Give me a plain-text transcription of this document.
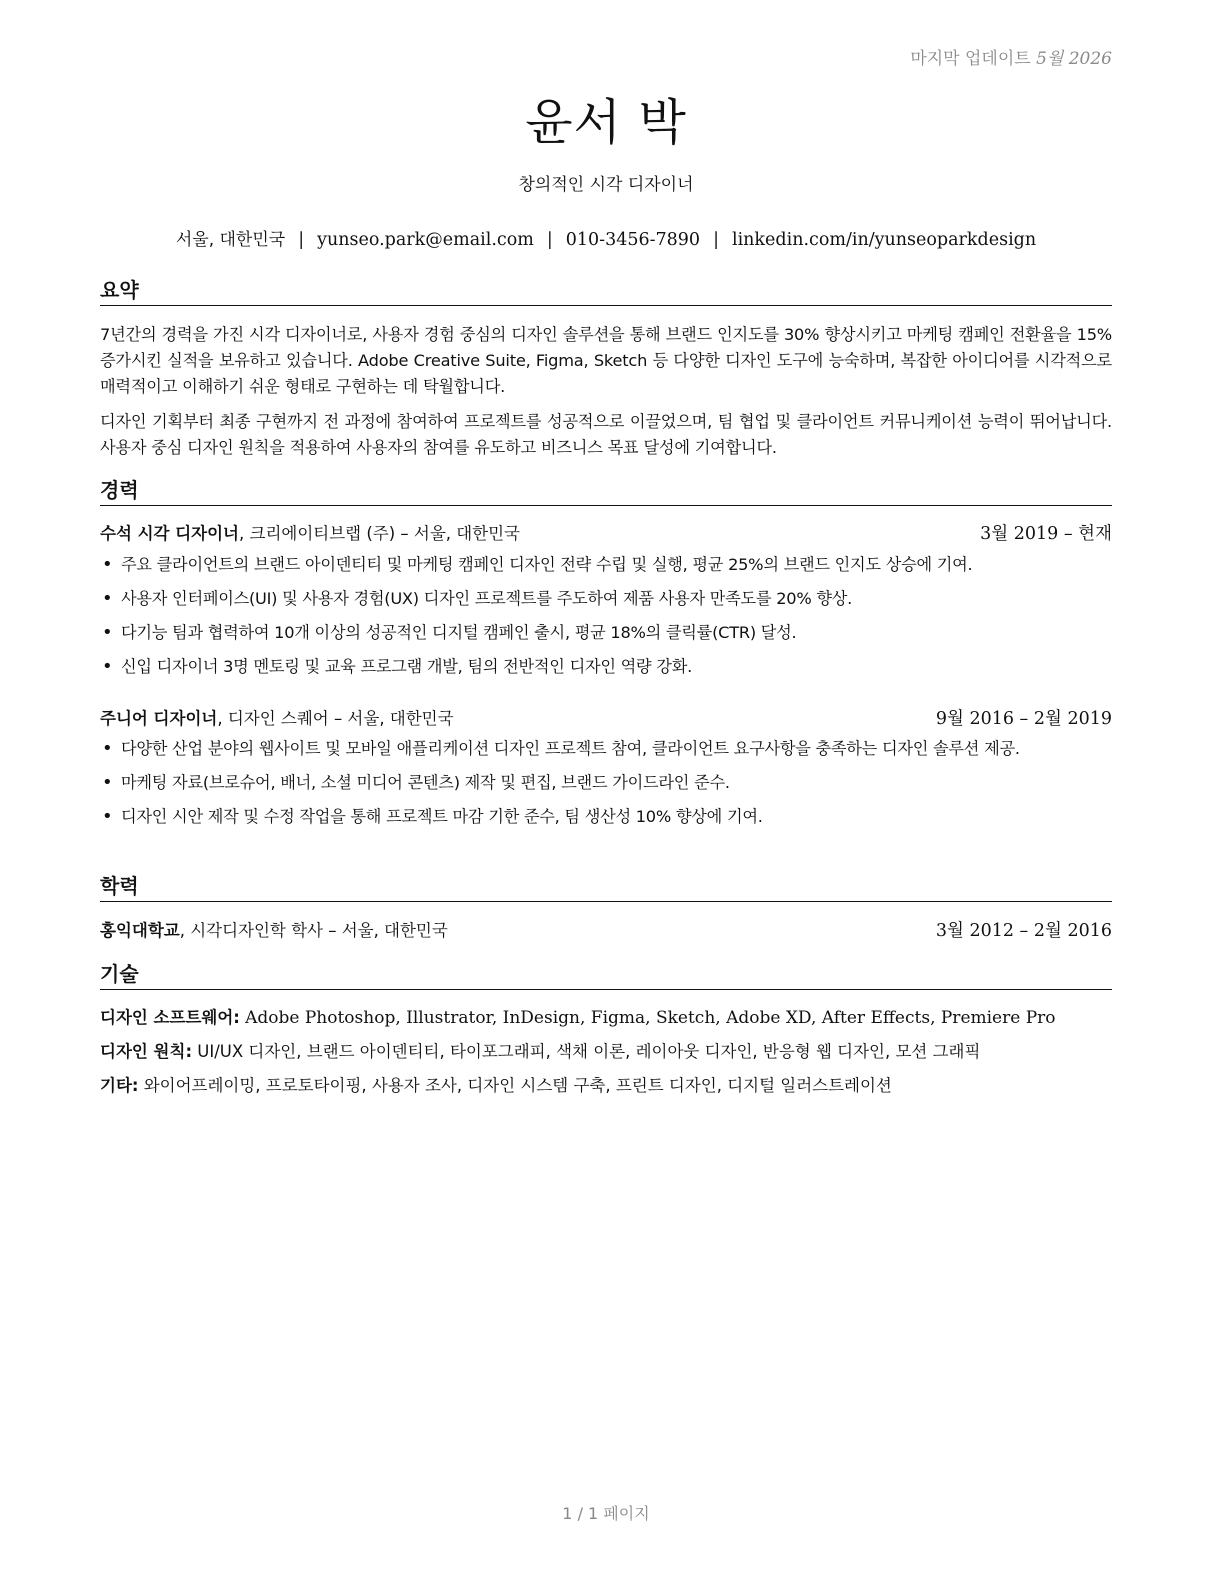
마지막 업데이트 5월 2026
윤서 박
창의적인 시각 디자이너
서울, 대한민국 | yunseo.park@email.com | 010-3456-7890 | linkedin.com/in/yunseoparkdesign
요약
7년간의 경력을 가진 시각 디자이너로, 사용자 경험 중심의 디자인 솔루션을 통해 브랜드 인지도를 30% 향상시키고 마케팅 캠페인 전환율을 15% 증가시킨 실적을 보유하고 있습니다. Adobe Creative Suite, Figma, Sketch 등 다양한 디자인 도구에 능숙하며, 복잡한 아이디어를 시각적으로 매력적이고 이해하기 쉬운 형태로 구현하는 데 탁월합니다.
디자인 기획부터 최종 구현까지 전 과정에 참여하여 프로젝트를 성공적으로 이끌었으며, 팀 협업 및 클라이언트 커뮤니케이션 능력이 뛰어납니다. 사용자 중심 디자인 원칙을 적용하여 사용자의 참여를 유도하고 비즈니스 목표 달성에 기여합니다.
경력
수석 시각 디자이너, 크리에이티브랩 (주) – 서울, 대한민국	3월 2019 – 현재
• 주요 클라이언트의 브랜드 아이덴티티 및 마케팅 캠페인 디자인 전략 수립 및 실행, 평균 25%의 브랜드 인지도 상승에 기여.
• 사용자 인터페이스(UI) 및 사용자 경험(UX) 디자인 프로젝트를 주도하여 제품 사용자 만족도를 20% 향상.
• 다기능 팀과 협력하여 10개 이상의 성공적인 디지털 캠페인 출시, 평균 18%의 클릭률(CTR) 달성.
• 신입 디자이너 3명 멘토링 및 교육 프로그램 개발, 팀의 전반적인 디자인 역량 강화.
주니어 디자이너, 디자인 스퀘어 – 서울, 대한민국	9월 2016 – 2월 2019
• 다양한 산업 분야의 웹사이트 및 모바일 애플리케이션 디자인 프로젝트 참여, 클라이언트 요구사항을 충족하는 디자인 솔루션 제공.
• 마케팅 자료(브로슈어, 배너, 소셜 미디어 콘텐츠) 제작 및 편집, 브랜드 가이드라인 준수.
• 디자인 시안 제작 및 수정 작업을 통해 프로젝트 마감 기한 준수, 팀 생산성 10% 향상에 기여.
학력
홍익대학교, 시각디자인학 학사 – 서울, 대한민국	3월 2012 – 2월 2016
기술
디자인 소프트웨어: Adobe Photoshop, Illustrator, InDesign, Figma, Sketch, Adobe XD, After Effects, Premiere Pro
디자인 원칙: UI/UX 디자인, 브랜드 아이덴티티, 타이포그래피, 색채 이론, 레이아웃 디자인, 반응형 웹 디자인, 모션 그래픽
기타: 와이어프레이밍, 프로토타이핑, 사용자 조사, 디자인 시스템 구축, 프린트 디자인, 디지털 일러스트레이션
1 / 1 페이지
